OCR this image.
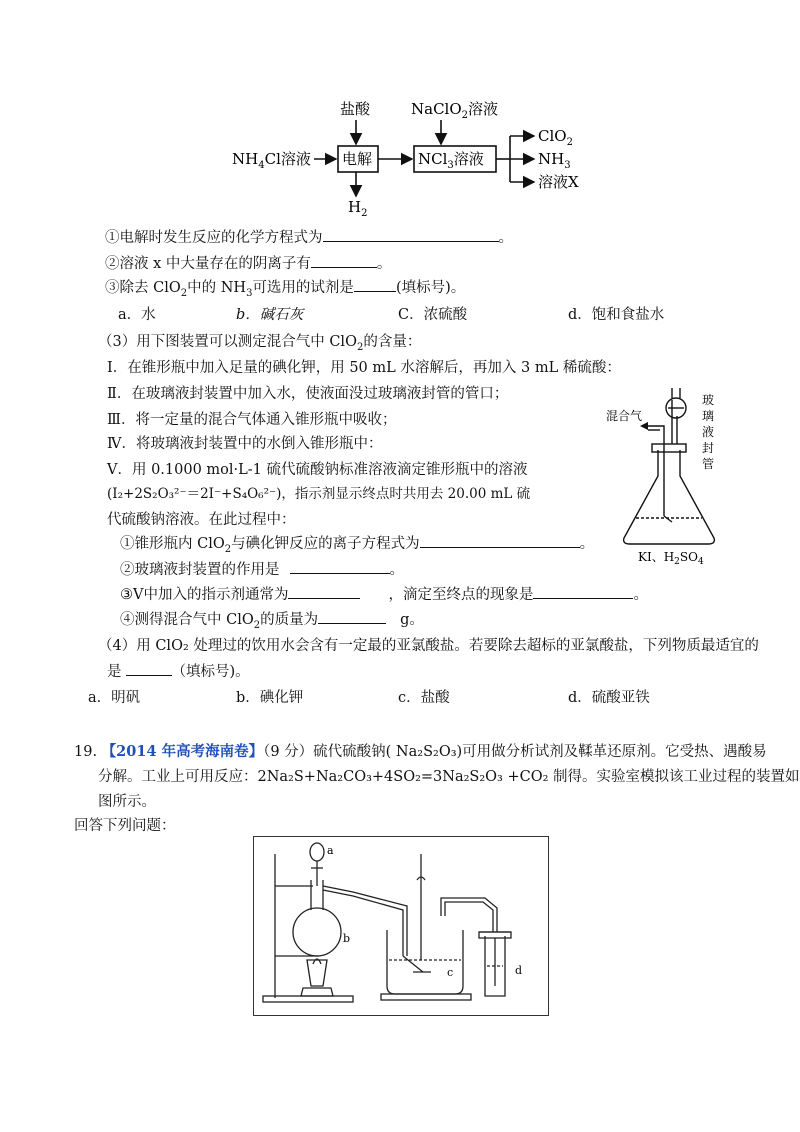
盐酸	NaClO$_2$溶液
$NH_4Cl$溶液 电解
$H_2$
NCl$_3$溶液
ClO$_2$
$NH_3$
溶液X
①电解时发生反应的化学方程式为	。
②溶液 x 中大量存在的阴离子有	。
③除去 ClO$_2$中的 $NH_3$可选用的试剂是	(填标号)。
a．水	b．碱石灰	C．浓硫酸	d．饱和食盐水
（3）用下图装置可以测定混合气中 ClO$_2$的含量：
Ⅰ．在锥形瓶中加入足量的碘化钾，用 50 mL 水溶解后，再加入 3 mL 稀硫酸：
Ⅱ．在玻璃液封装置中加入水，使液面没过玻璃液封管的管口；
Ⅲ．将一定量的混合气体通入锥形瓶中吸收；
Ⅳ．将玻璃液封装置中的水倒入锥形瓶中：
Ⅴ．用 0.1000 mol·L-1 硫代硫酸钠标准溶液滴定锥形瓶中的溶液
(I₂+2S₂O₃²⁻＝2I⁻+S₄O₆²⁻)，指示剂显示终点时共用去 20.00 mL 硫
代硫酸钠溶液。在此过程中：
①锥形瓶内 ClO$_2$与碘化钾反应的离子方程式为	。
②玻璃液封装置的作用是	。
③Ⅴ中加入的指示剂通常为	，滴定至终点的现象是	。
④测得混合气中 ClO$_2$的质量为	g。
混合气
玻
璃
液
封
管
KI、$H_2SO_4$
（4）用 ClO₂ 处理过的饮用水会含有一定最的亚氯酸盐。若要除去超标的亚氯酸盐，下列物质最适宜的
是	（填标号)。
a．明矾	b．碘化钾	c．盐酸	d．硫酸亚铁
19. 【2014 年高考海南卷】（9 分）硫代硫酸钠( Na₂S₂O₃)可用做分析试剂及鞣革还原剂。它受热、遇酸易
分解。工业上可用反应：2Na₂S+Na₂CO₃+4SO₂=3Na₂S₂O₃ +CO₂ 制得。实验室模拟该工业过程的装置如
图所示。
回答下列问题：
a
b
c	d
